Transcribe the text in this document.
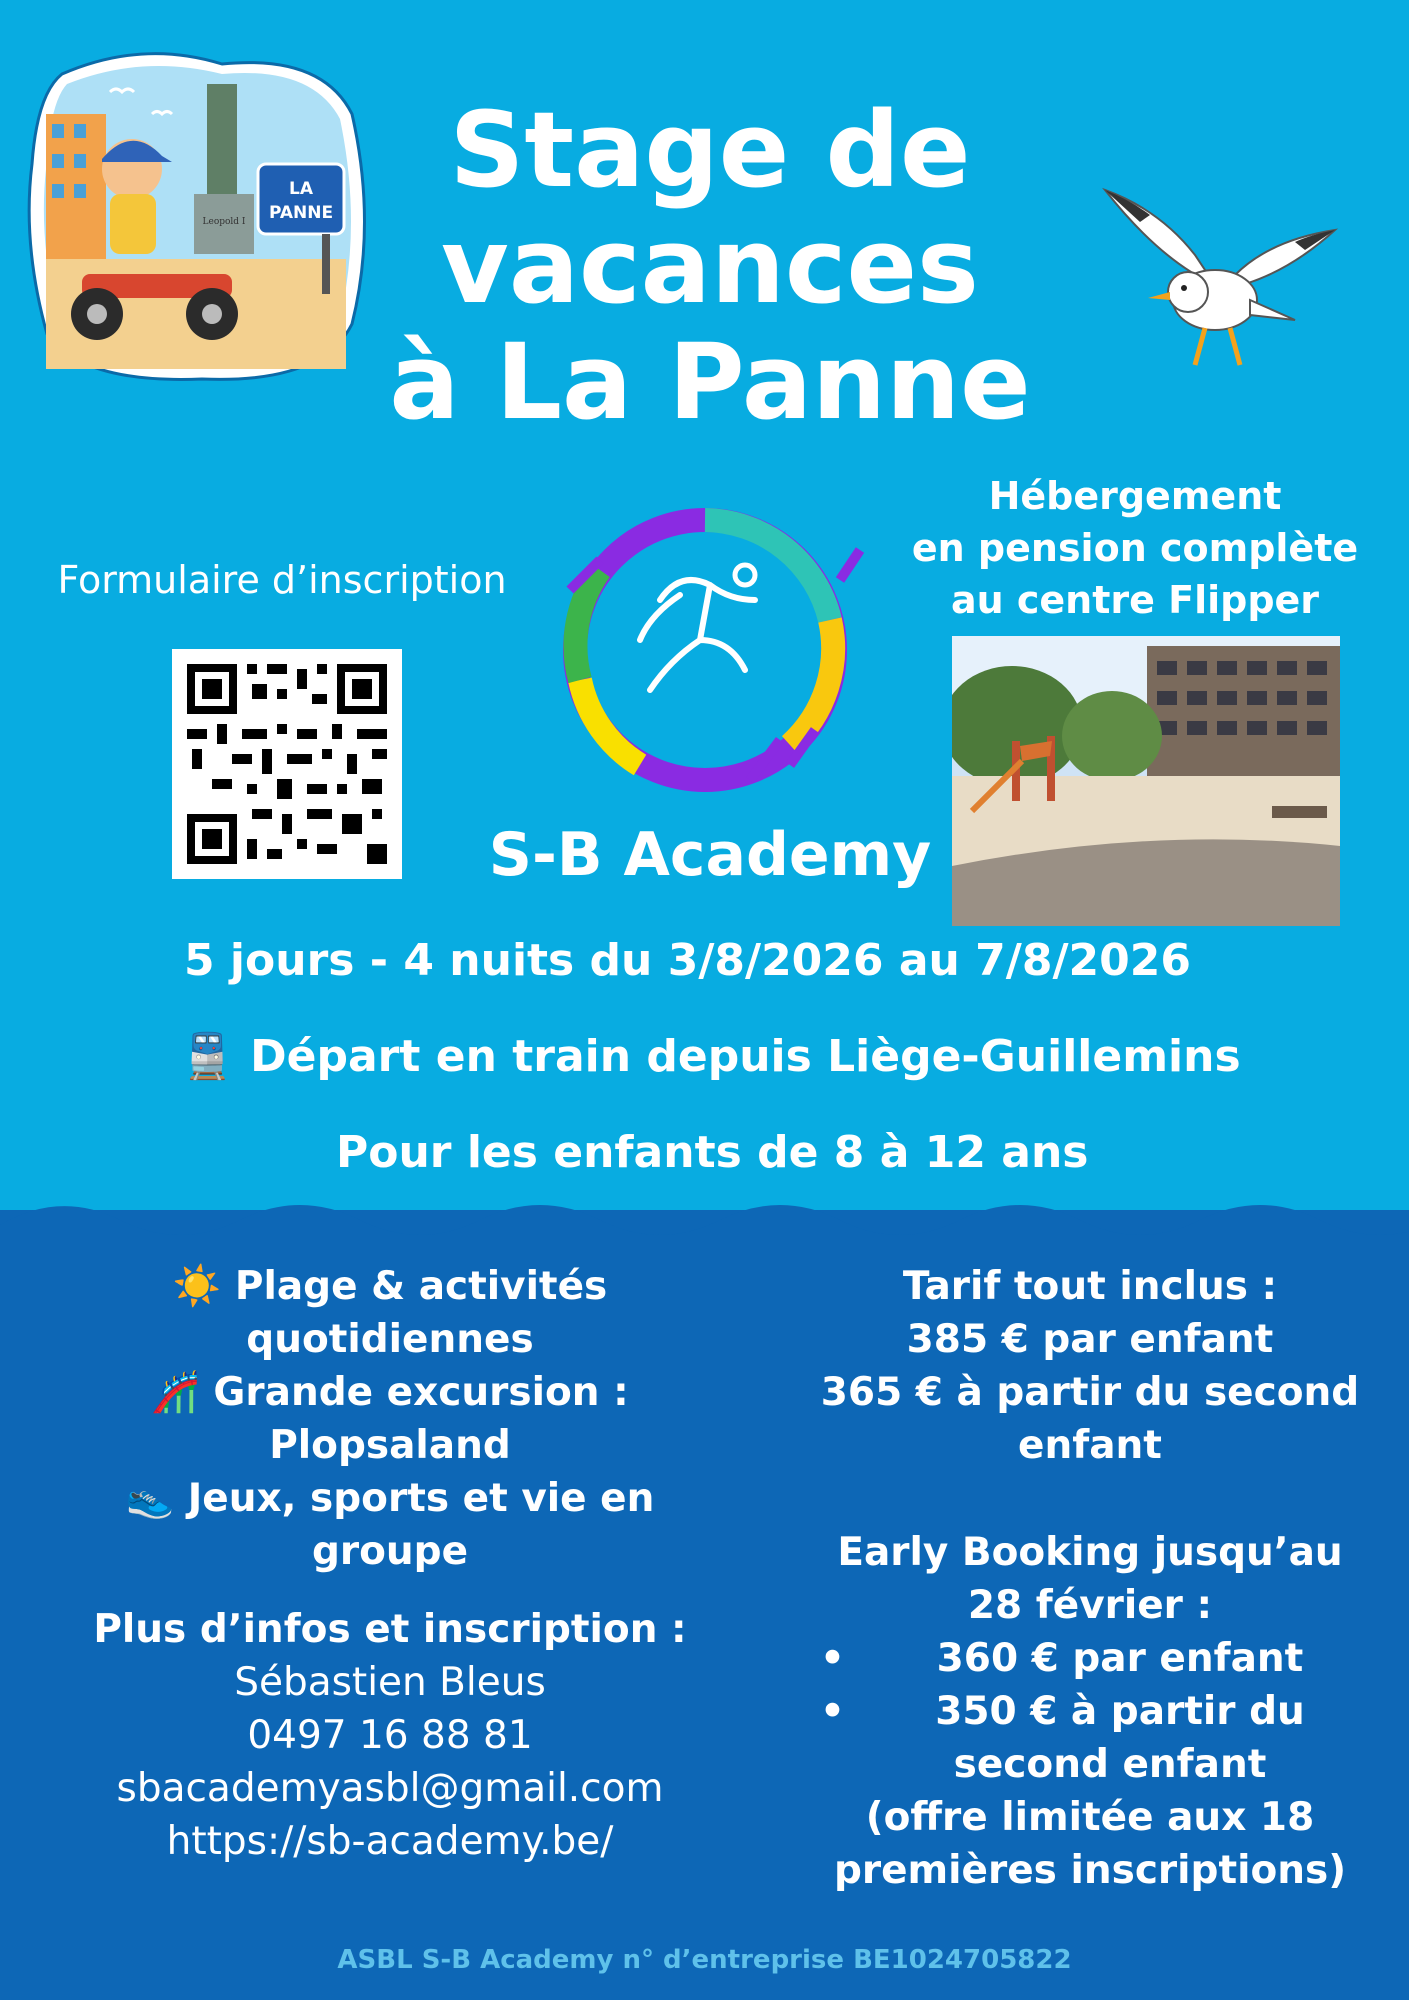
Leopold I
LA
PANNE
Stage de
vacances
à La Panne
Formulaire d’inscription
S-B Academy
Hébergement
en pension complète
au centre Flipper
5 jours - 4 nuits du 3/8/2026 au 7/8/2026
🚆 Départ en train depuis Liège-Guillemins
Pour les enfants de 8 à 12 ans
☀️ Plage & activités
quotidiennes
🎢 Grande excursion :
Plopsaland
👟 Jeux, sports et vie en
groupe
Plus d’infos et inscription :
Sébastien Bleus
0497 16 88 81
sbacademyasbl@gmail.com
https://sb-academy.be/
Tarif tout inclus :
385 € par enfant
365 € à partir du second
enfant
Early Booking jusqu’au
28 février :
•	360 € par enfant
•	350 € à partir du
second enfant
(offre limitée aux 18
premières inscriptions)
ASBL S-B Academy n° d’entreprise BE1024705822
